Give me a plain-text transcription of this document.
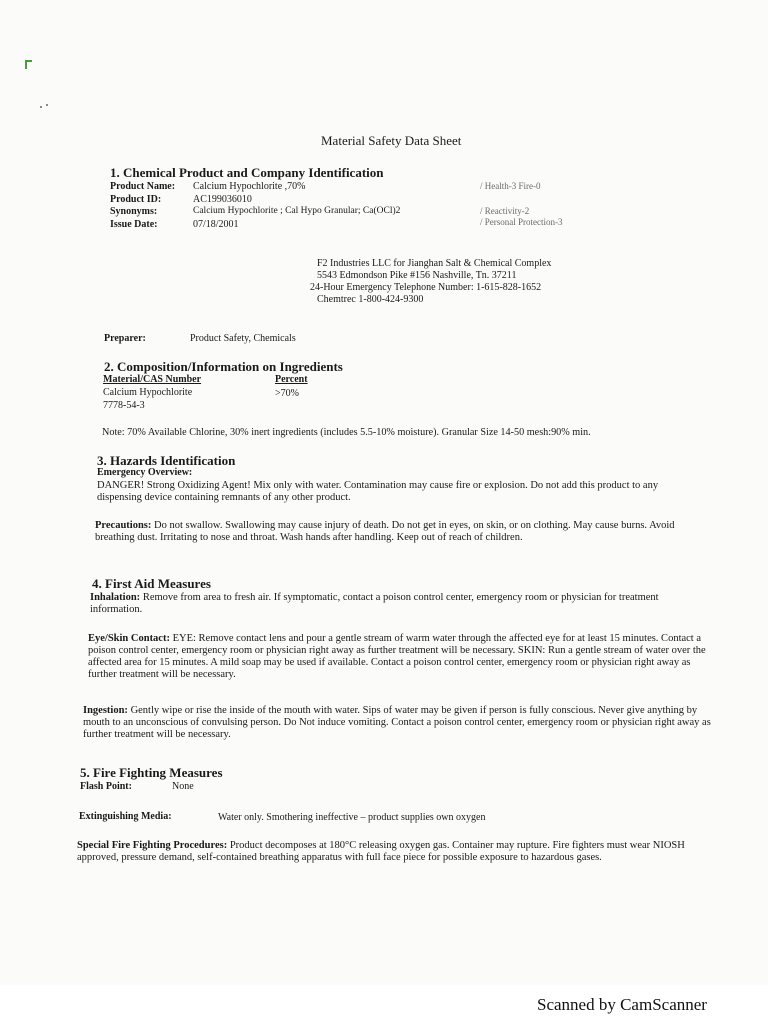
Material Safety Data Sheet
1. Chemical Product and Company Identification
Product Name: Calcium Hypochlorite ,70%
Product ID:	AC199036010
Synonyms:	Calcium Hypochlorite ; Cal Hypo Granular; Ca(OCl)2
Issue Date:	07/18/2001
/ Health-3 Fire-0
/ Reactivity-2
/ Personal Protection-3
F2 Industries LLC for Jianghan Salt & Chemical Complex
5543 Edmondson Pike #156 Nashville, Tn. 37211
24-Hour Emergency Telephone Number: 1-615-828-1652
Chemtrec 1-800-424-9300
Preparer:	Product Safety, Chemicals
2. Composition/Information on Ingredients
Material/CAS Number	Percent
Calcium Hypochlorite	>70%
7778-54-3
Note: 70% Available Chlorine, 30% inert ingredients (includes 5.5-10% moisture). Granular Size 14-50 mesh:90% min.
3. Hazards Identification
Emergency Overview:
DANGER! Strong Oxidizing Agent! Mix only with water. Contamination may cause fire or explosion. Do not add this product to any dispensing device containing remnants of any other product.
Precautions: Do not swallow. Swallowing may cause injury of death. Do not get in eyes, on skin, or on clothing. May cause burns. Avoid breathing dust. Irritating to nose and throat. Wash hands after handling. Keep out of reach of children.
4. First Aid Measures
Inhalation: Remove from area to fresh air. If symptomatic, contact a poison control center, emergency room or physician for treatment information.
Eye/Skin Contact: EYE: Remove contact lens and pour a gentle stream of warm water through the affected eye for at least 15 minutes. Contact a poison control center, emergency room or physician right away as further treatment will be necessary. SKIN: Run a gentle stream of water over the affected area for 15 minutes. A mild soap may be used if available. Contact a poison control center, emergency room or physician right away as further treatment will be necessary.
Ingestion: Gently wipe or rise the inside of the mouth with water. Sips of water may be given if person is fully conscious. Never give anything by mouth to an unconscious of convulsing person. Do Not induce vomiting. Contact a poison control center, emergency room or physician right away as further treatment will be necessary.
5. Fire Fighting Measures
Flash Point:	None
Extinguishing Media:	Water only. Smothering ineffective – product supplies own oxygen
Special Fire Fighting Procedures: Product decomposes at 180°C releasing oxygen gas. Container may rupture. Fire fighters must wear NIOSH approved, pressure demand, self-contained breathing apparatus with full face piece for possible exposure to hazardous gases.
Scanned by CamScanner
